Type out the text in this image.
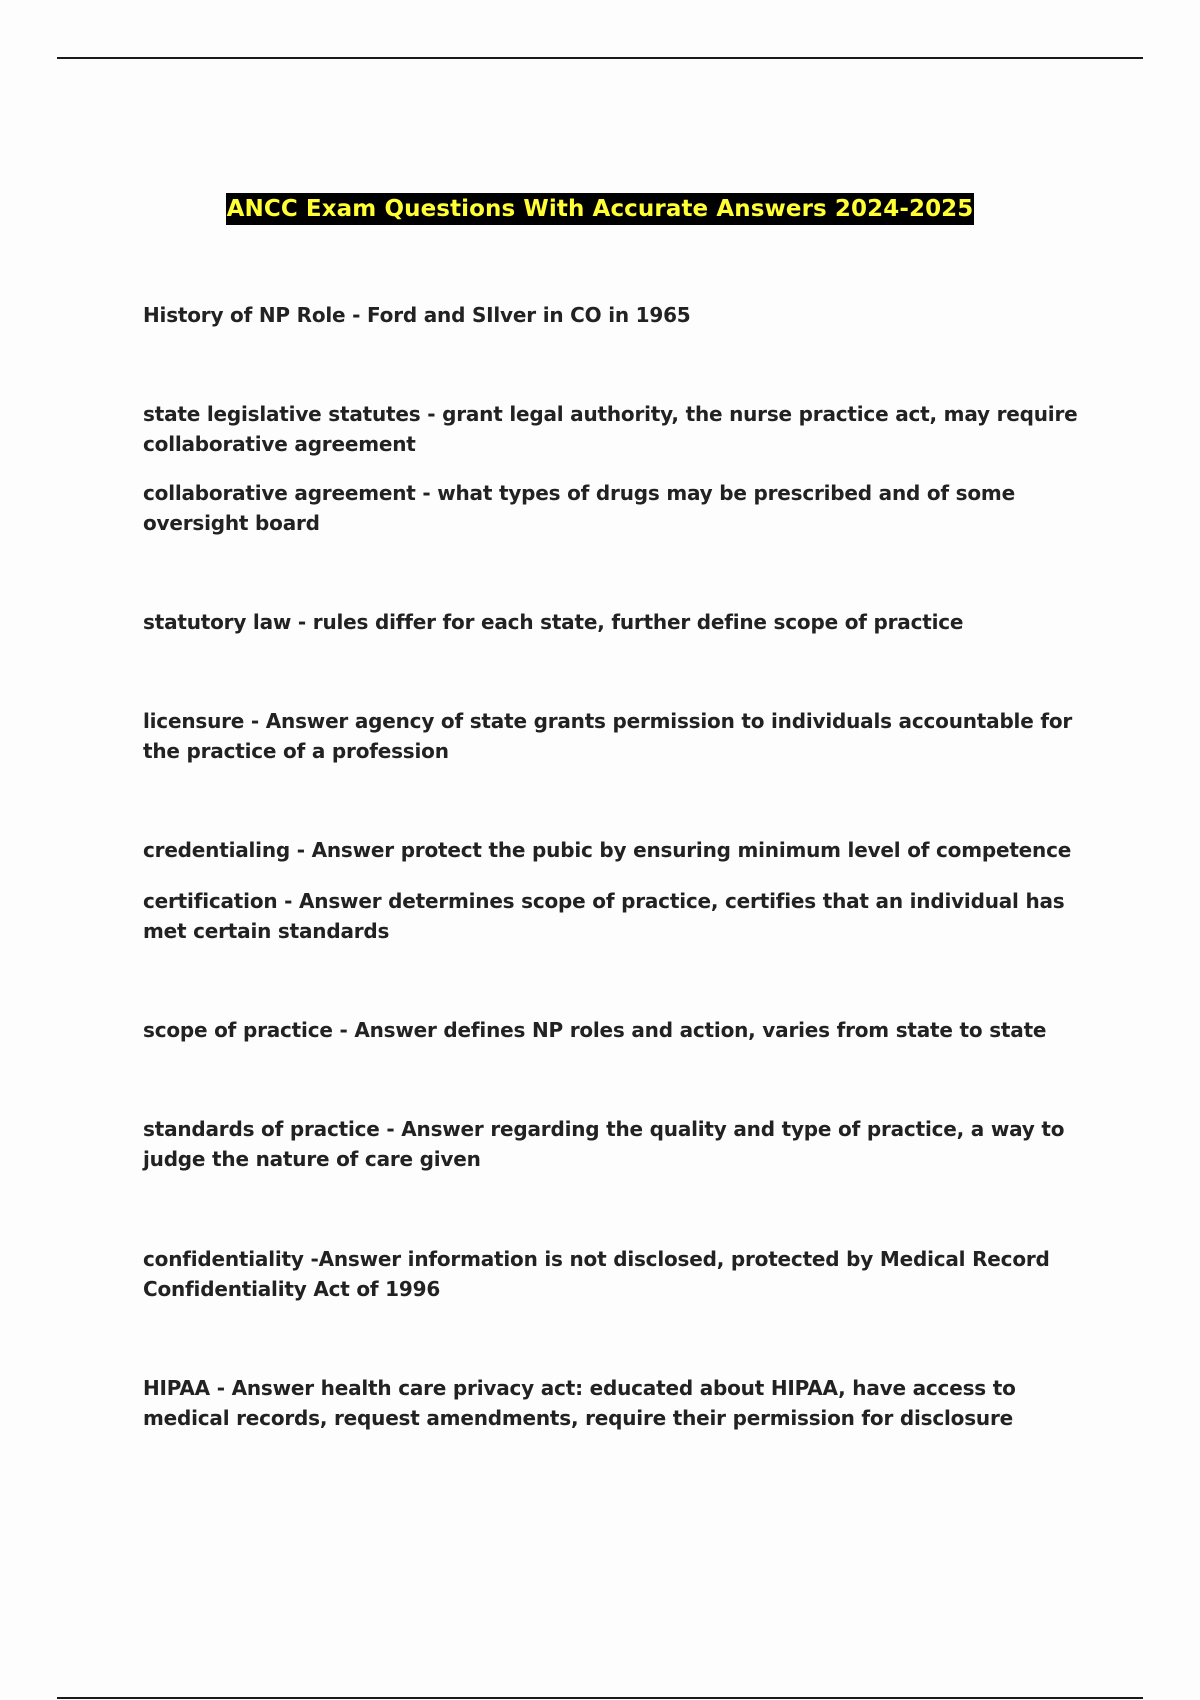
ANCC Exam Questions With Accurate Answers 2024-2025
History of NP Role - Ford and SIlver in CO in 1965
state legislative statutes - grant legal authority, the nurse practice act, may require collaborative agreement
collaborative agreement - what types of drugs may be prescribed and of some oversight board
statutory law - rules differ for each state, further define scope of practice
licensure - Answer agency of state grants permission to individuals accountable for the practice of a profession
credentialing - Answer protect the pubic by ensuring minimum level of competence
certification - Answer determines scope of practice, certifies that an individual has met certain standards
scope of practice - Answer defines NP roles and action, varies from state to state
standards of practice - Answer regarding the quality and type of practice, a way to judge the nature of care given
confidentiality -Answer information is not disclosed, protected by Medical Record Confidentiality Act of 1996
HIPAA - Answer health care privacy act: educated about HIPAA, have access to medical records, request amendments, require their permission for disclosure
